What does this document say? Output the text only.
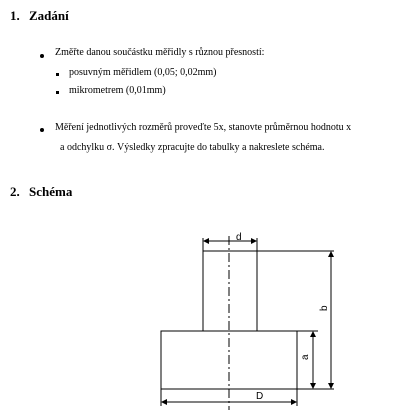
1. Zadání

Změřte danou součástku měřidly s různou přesností:

posuvným měřidlem (0,05; 0,02mm)

mikrometrem (0,01mm)

Měření jednotlivých rozměrů proveďte 5x, stanovte průměrnou hodnotu x

a odchylku σ. Výsledky zpracujte do tabulky a nakreslete schéma.

2. Schéma
d
b
a
D
